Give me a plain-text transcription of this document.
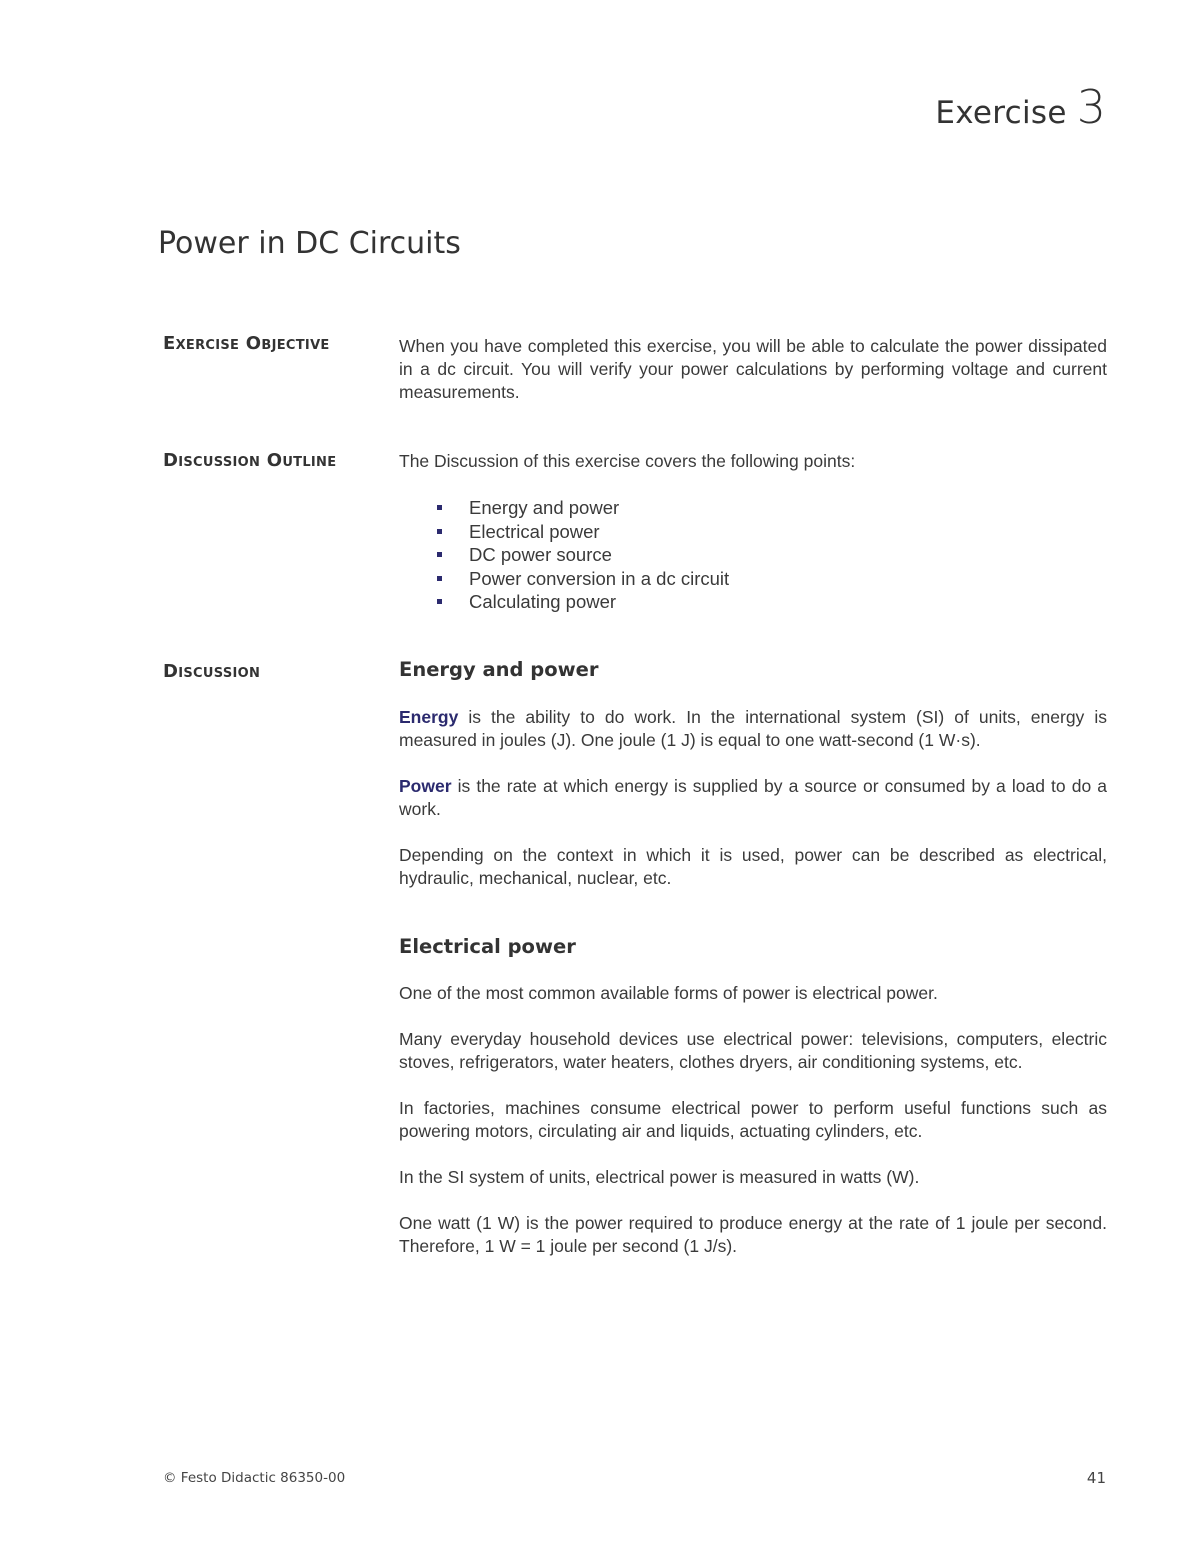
Exercise 3
Power in DC Circuits
Exercise Objective	When you have completed this exercise, you will be able to calculate the power dissipated in a dc circuit. You will verify your power calculations by performing voltage and current measurements.

Discussion Outline	The Discussion of this exercise covers the following points:

Energy and power
Electrical power
DC power source
Power conversion in a dc circuit
Calculating power
Discussion	Energy and power

Energy is the ability to do work. In the international system (SI) of units, energy is measured in joules (J). One joule (1 J) is equal to one watt-second (1 W·s).

Power is the rate at which energy is supplied by a source or consumed by a load to do a work.

Depending on the context in which it is used, power can be described as electrical, hydraulic, mechanical, nuclear, etc.

Electrical power

One of the most common available forms of power is electrical power.

Many everyday household devices use electrical power: televisions, computers, electric stoves, refrigerators, water heaters, clothes dryers, air conditioning systems, etc.

In factories, machines consume electrical power to perform useful functions such as powering motors, circulating air and liquids, actuating cylinders, etc.

In the SI system of units, electrical power is measured in watts (W).

One watt (1 W) is the power required to produce energy at the rate of 1 joule per second. Therefore, 1 W = 1 joule per second (1 J/s).

© Festo Didactic 86350-00	41
